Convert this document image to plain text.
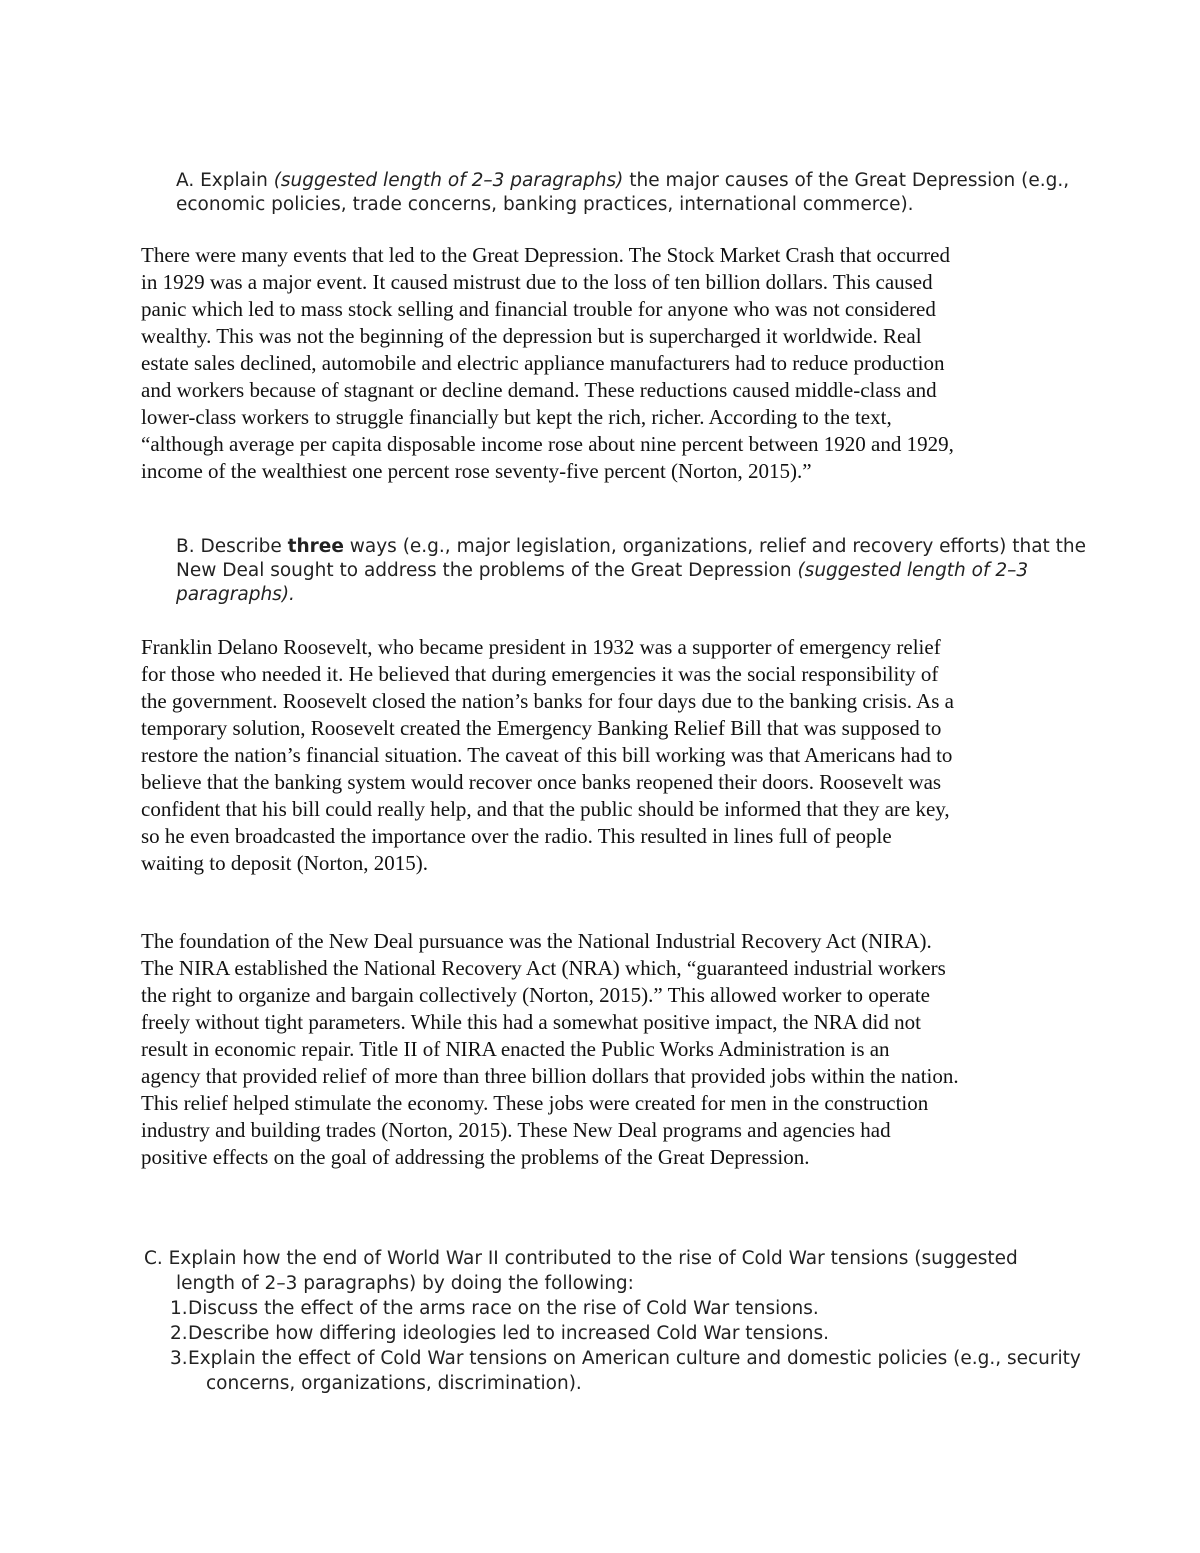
A. Explain (suggested length of 2–3 paragraphs) the major causes of the Great Depression (e.g.,
economic policies, trade concerns, banking practices, international commerce).
There were many events that led to the Great Depression. The Stock Market Crash that occurred
in 1929 was a major event. It caused mistrust due to the loss of ten billion dollars. This caused
panic which led to mass stock selling and financial trouble for anyone who was not considered
wealthy. This was not the beginning of the depression but is supercharged it worldwide. Real
estate sales declined, automobile and electric appliance manufacturers had to reduce production
and workers because of stagnant or decline demand. These reductions caused middle-class and
lower-class workers to struggle financially but kept the rich, richer. According to the text,
“although average per capita disposable income rose about nine percent between 1920 and 1929,
income of the wealthiest one percent rose seventy-five percent (Norton, 2015).”
B. Describe three ways (e.g., major legislation, organizations, relief and recovery efforts) that the
New Deal sought to address the problems of the Great Depression (suggested length of 2–3
paragraphs).
Franklin Delano Roosevelt, who became president in 1932 was a supporter of emergency relief
for those who needed it. He believed that during emergencies it was the social responsibility of
the government. Roosevelt closed the nation’s banks for four days due to the banking crisis. As a
temporary solution, Roosevelt created the Emergency Banking Relief Bill that was supposed to
restore the nation’s financial situation. The caveat of this bill working was that Americans had to
believe that the banking system would recover once banks reopened their doors. Roosevelt was
confident that his bill could really help, and that the public should be informed that they are key,
so he even broadcasted the importance over the radio. This resulted in lines full of people
waiting to deposit (Norton, 2015).
The foundation of the New Deal pursuance was the National Industrial Recovery Act (NIRA).
The NIRA established the National Recovery Act (NRA) which, “guaranteed industrial workers
the right to organize and bargain collectively (Norton, 2015).” This allowed worker to operate
freely without tight parameters. While this had a somewhat positive impact, the NRA did not
result in economic repair. Title II of NIRA enacted the Public Works Administration is an
agency that provided relief of more than three billion dollars that provided jobs within the nation.
This relief helped stimulate the economy. These jobs were created for men in the construction
industry and building trades (Norton, 2015). These New Deal programs and agencies had
positive effects on the goal of addressing the problems of the Great Depression.
C. Explain how the end of World War II contributed to the rise of Cold War tensions (suggested
length of 2–3 paragraphs) by doing the following:
1.Discuss the effect of the arms race on the rise of Cold War tensions.
2.Describe how differing ideologies led to increased Cold War tensions.
3.Explain the effect of Cold War tensions on American culture and domestic policies (e.g., security
concerns, organizations, discrimination).
